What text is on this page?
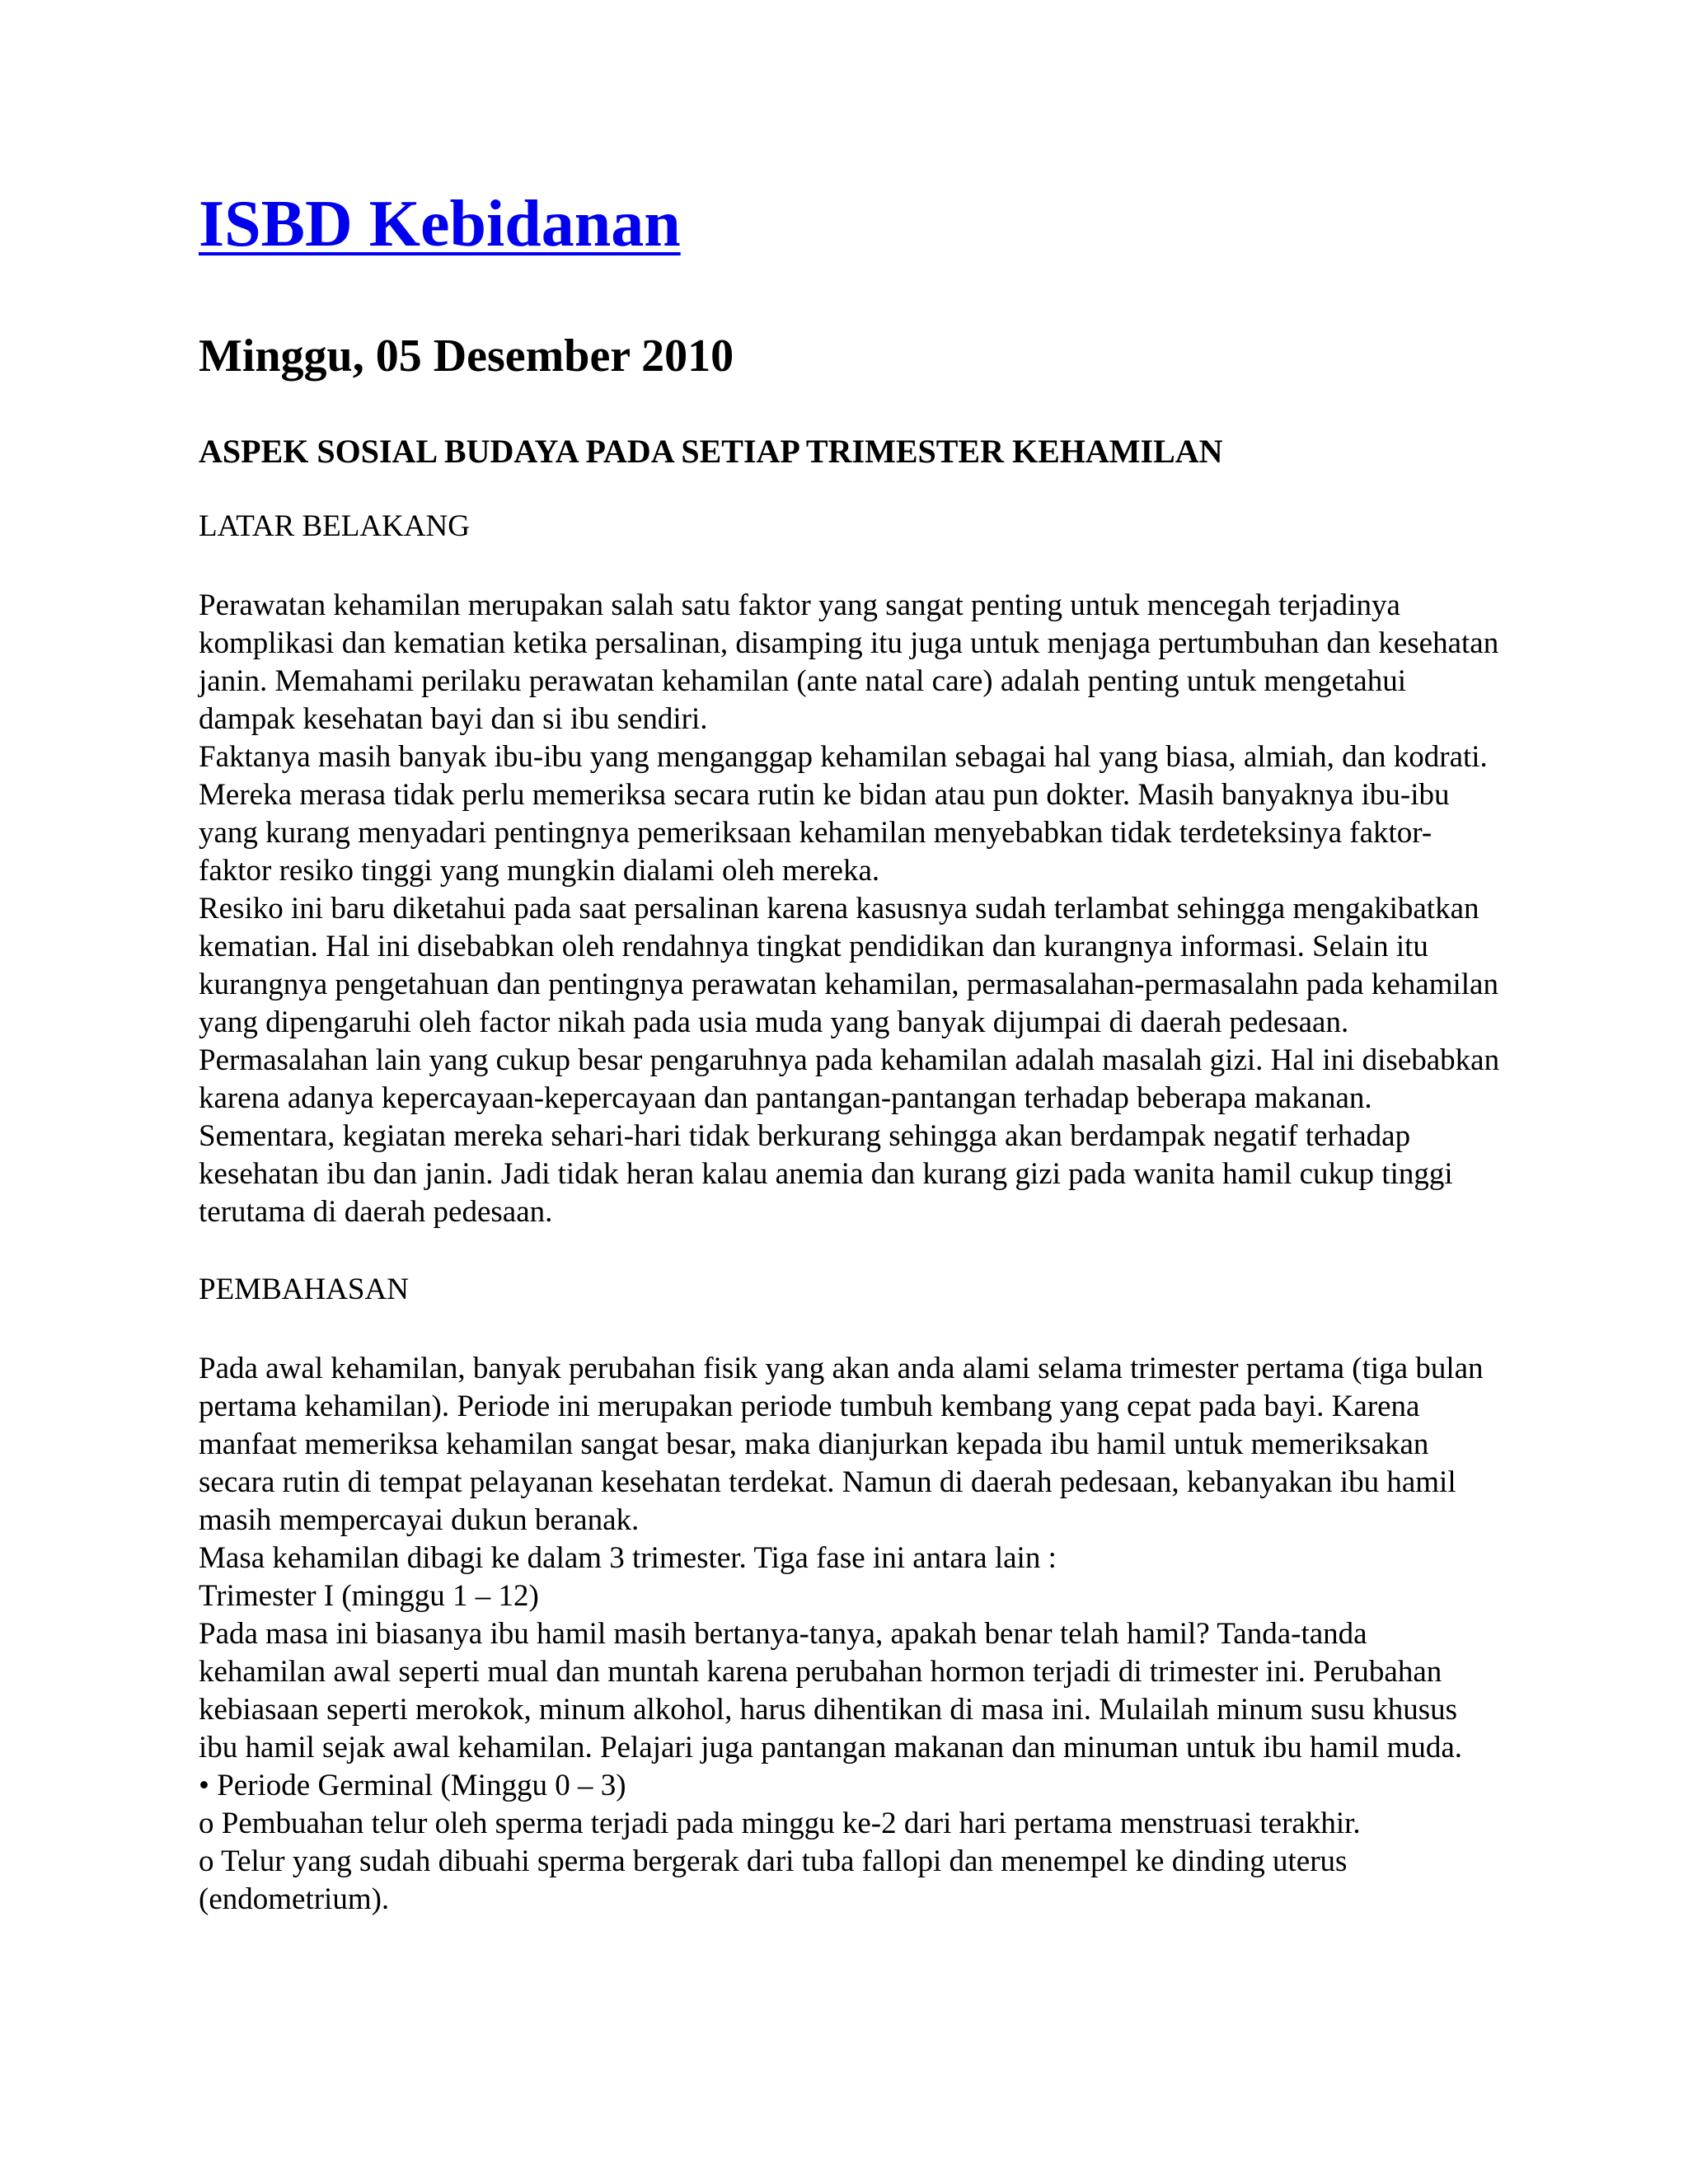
ISBD Kebidanan
Minggu, 05 Desember 2010
ASPEK SOSIAL BUDAYA PADA SETIAP TRIMESTER KEHAMILAN
LATAR BELAKANG

Perawatan kehamilan merupakan salah satu faktor yang sangat penting untuk mencegah terjadinya komplikasi dan kematian ketika persalinan, disamping itu juga untuk menjaga pertumbuhan dan kesehatan janin. Memahami perilaku perawatan kehamilan (ante natal care) adalah penting untuk mengetahui dampak kesehatan bayi dan si ibu sendiri.

Faktanya masih banyak ibu-ibu yang menganggap kehamilan sebagai hal yang biasa, almiah, dan kodrati. Mereka merasa tidak perlu memeriksa secara rutin ke bidan atau pun dokter. Masih banyaknya ibu-ibu yang kurang menyadari pentingnya pemeriksaan kehamilan menyebabkan tidak terdeteksinya faktor-faktor resiko tinggi yang mungkin dialami oleh mereka.

Resiko ini baru diketahui pada saat persalinan karena kasusnya sudah terlambat sehingga mengakibatkan kematian. Hal ini disebabkan oleh rendahnya tingkat pendidikan dan kurangnya informasi. Selain itu kurangnya pengetahuan dan pentingnya perawatan kehamilan, permasalahan-permasalahn pada kehamilan yang dipengaruhi oleh factor nikah pada usia muda yang banyak dijumpai di daerah pedesaan.

Permasalahan lain yang cukup besar pengaruhnya pada kehamilan adalah masalah gizi. Hal ini disebabkan karena adanya kepercayaan-kepercayaan dan pantangan-pantangan terhadap beberapa makanan. Sementara, kegiatan mereka sehari-hari tidak berkurang sehingga akan berdampak negatif terhadap kesehatan ibu dan janin. Jadi tidak heran kalau anemia dan kurang gizi pada wanita hamil cukup tinggi terutama di daerah pedesaan.

PEMBAHASAN

Pada awal kehamilan, banyak perubahan fisik yang akan anda alami selama trimester pertama (tiga bulan pertama kehamilan). Periode ini merupakan periode tumbuh kembang yang cepat pada bayi. Karena manfaat memeriksa kehamilan sangat besar, maka dianjurkan kepada ibu hamil untuk memeriksakan secara rutin di tempat pelayanan kesehatan terdekat. Namun di daerah pedesaan, kebanyakan ibu hamil masih mempercayai dukun beranak.

Masa kehamilan dibagi ke dalam 3 trimester. Tiga fase ini antara lain :

Trimester I (minggu 1 – 12)

Pada masa ini biasanya ibu hamil masih bertanya-tanya, apakah benar telah hamil? Tanda-tanda kehamilan awal seperti mual dan muntah karena perubahan hormon terjadi di trimester ini. Perubahan kebiasaan seperti merokok, minum alkohol, harus dihentikan di masa ini. Mulailah minum susu khusus ibu hamil sejak awal kehamilan. Pelajari juga pantangan makanan dan minuman untuk ibu hamil muda.

• Periode Germinal (Minggu 0 – 3)

o Pembuahan telur oleh sperma terjadi pada minggu ke-2 dari hari pertama menstruasi terakhir.

o Telur yang sudah dibuahi sperma bergerak dari tuba fallopi dan menempel ke dinding uterus (endometrium).
